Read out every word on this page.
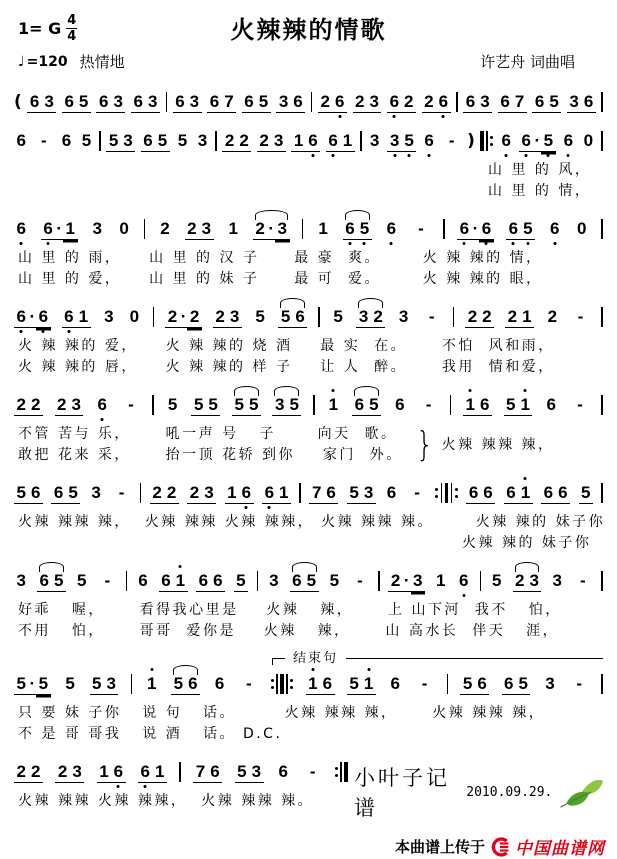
1= G $\frac{4}{4}$	火辣辣的情歌
♩ =120 热情地	许艺舟 词曲唱
( 6 3 6 5 6 3 6 3 6 3 6 7 6 5 3 6 2 6 2 3 6 2 2 6 6 3 6 7 6 5 3 6
6 - 6 5 5 3 6 5 5 3 2 2 2 3 1 6 6 1 3 3 5 6 - ) 6 6 · 5 6 0
山 里 的 风，
山 里 的 情，
6 6 · 1 3 0 2 2 3 1 2 · 3 1 6 5 6	-	6 · 6 6 5 6 0
山 里 的 雨，    山 里 的 汉 子     最 豪  爽。      火 辣 辣的 情，
山 里 的 爱，    山 里 的 妹 子     最 可  爱。      火 辣 辣的 眼，
6 · 6 6 1 3 0 2 · 2 2 3 5 5 6 5 3 2 3	-	2 2 2 1 2	-
火 辣 辣的 爱，    火 辣 辣的 烧 酒    最 实  在。     不怕  风和雨，
火 辣 辣的 唇，    火 辣 辣的 样 子    让 人  醉。     我用  情和爱，
2 2 2 3 6	-	5 5 5 5 5 3 5 1 6 5 6	-	1 6 5 1 6	-
不管 苦与 乐，     吼一声 号   子      向天  歌。
敢把 花来 采，     抬一顶 花轿 到你    家门  外。 } 火辣 辣辣 辣，
5 6 6 5 3	-	2 2 2 3 1 6 6 1 7 6 5 3 6	-	6 6 6 1 6 6 5
火辣 辣辣 辣，  火辣 辣辣 火辣 辣辣， 火辣 辣辣 辣。      火辣 辣的 妹子你
火辣 辣的 妹子你
3 6 5 5	-	6 6 1 6 6 5 3 6 5 5	-	2 · 3 1 6 5 2 3 3	-
好乖   喔，     看得我心里是    火辣   辣，     上 山下河  我不   怕，
不用   怕，     哥哥  爱你是    火辣   辣，     山 高水长  伴天   涯，
结束句
5 · 5 5 5 3 1 5 6 6	-	1 6 5 1 6	-	5 6 6 5 3	-
只 要 妹 子你   说 句   话。       火辣 辣辣 辣，     火辣 辣辣 辣，
不 是 哥 哥我   说 酒   话。 D.C.
2 2 2 3 1 6 6 1 7 6 5 3 6	-
火辣 辣辣 火辣 辣辣，  火辣 辣辣 辣。
小叶子记谱
2010.09.29.
本曲谱上传于 中国曲谱网
